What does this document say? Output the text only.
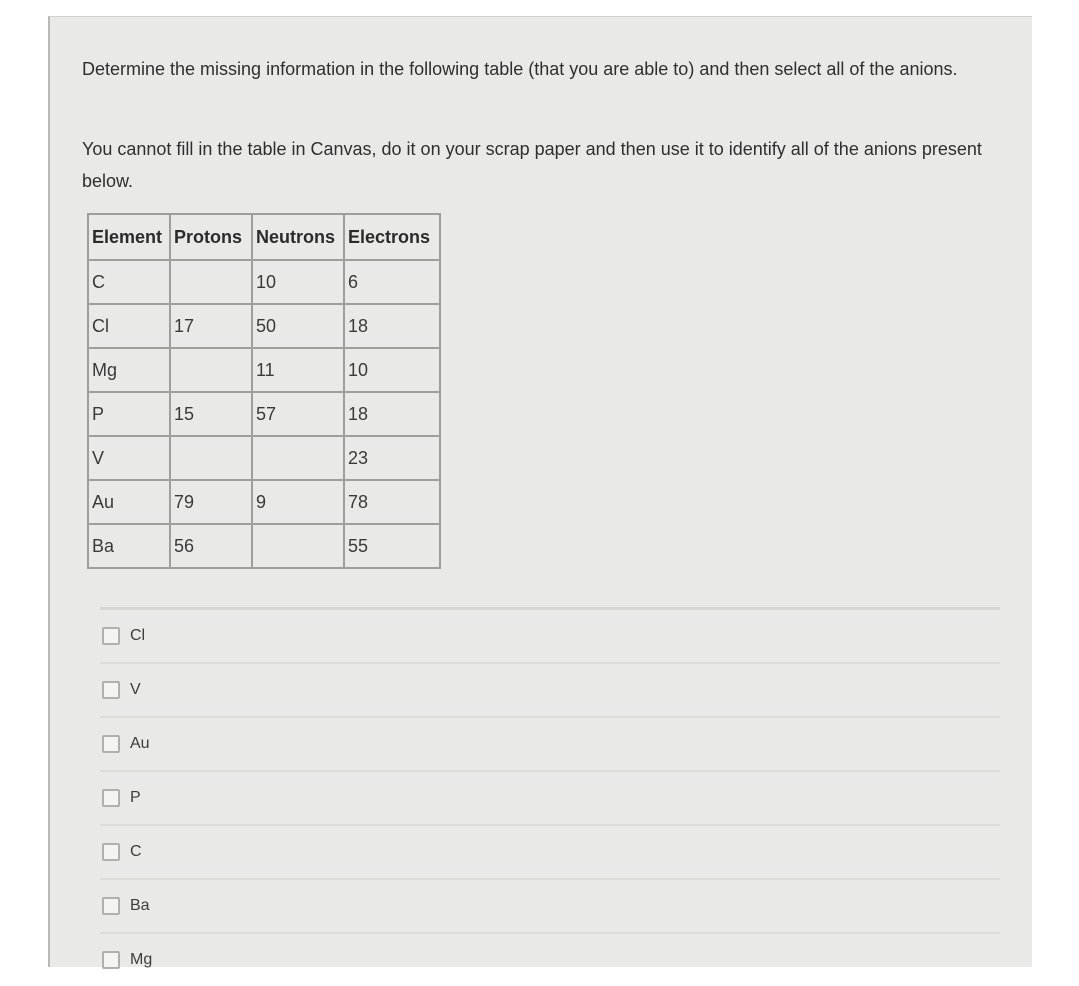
Determine the missing information in the following table (that you are able to) and then select all of the anions.
You cannot fill in the table in Canvas, do it on your scrap paper and then use it to identify all of the anions present below.
Element	Protons	Neutrons	Electrons
C		10	6
Cl	17	50	18
Mg		11	10
P	15	57	18
V			23
Au	79	9	78
Ba	56		55
Cl
V
Au
P
C
Ba
Mg
